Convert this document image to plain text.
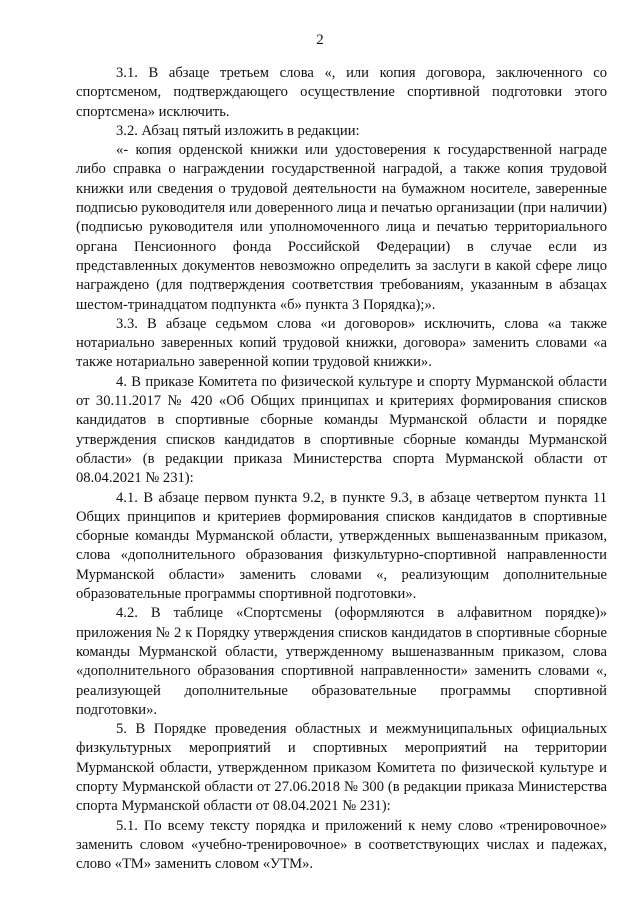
2

3.1. В абзаце третьем слова «, или копия договора, заключенного со спортсменом, подтверждающего осуществление спортивной подготовки этого спортсмена» исключить.

3.2. Абзац пятый изложить в редакции:

«- копия орденской книжки или удостоверения к государственной награде либо справка о награждении государственной наградой, а также копия трудовой книжки или сведения о трудовой деятельности на бумажном носителе, заверенные подписью руководителя или доверенного лица и печатью организации (при наличии) (подписью руководителя или уполномоченного лица и печатью территориального органа Пенсионного фонда Российской Федерации) в случае если из представленных документов невозможно определить за заслуги в какой сфере лицо награждено (для подтверждения соответствия требованиям, указанным в абзацах шестом-тринадцатом подпункта «б» пункта 3 Порядка);».

3.3. В абзаце седьмом слова «и договоров» исключить, слова «а также нотариально заверенных копий трудовой книжки, договора» заменить словами «а также нотариально заверенной копии трудовой книжки».

4. В приказе Комитета по физической культуре и спорту Мурманской области от 30.11.2017 № 420 «Об Общих принципах и критериях формирования списков кандидатов в спортивные сборные команды Мурманской области и порядке утверждения списков кандидатов в спортивные сборные команды Мурманской области» (в редакции приказа Министерства спорта Мурманской области от 08.04.2021 № 231):

4.1. В абзаце первом пункта 9.2, в пункте 9.3, в абзаце четвертом пункта 11 Общих принципов и критериев формирования списков кандидатов в спортивные сборные команды Мурманской области, утвержденных вышеназванным приказом, слова «дополнительного образования физкультурно-спортивной направленности Мурманской области» заменить словами «, реализующим дополнительные образовательные программы спортивной подготовки».

4.2. В таблице «Спортсмены (оформляются в алфавитном порядке)» приложения № 2 к Порядку утверждения списков кандидатов в спортивные сборные команды Мурманской области, утвержденному вышеназванным приказом, слова «дополнительного образования спортивной направленности» заменить словами «, реализующей дополнительные образовательные программы спортивной подготовки».

5. В Порядке проведения областных и межмуниципальных официальных физкультурных мероприятий и спортивных мероприятий на территории Мурманской области, утвержденном приказом Комитета по физической культуре и спорту Мурманской области от 27.06.2018 № 300 (в редакции приказа Министерства спорта Мурманской области от 08.04.2021 № 231):

5.1. По всему тексту порядка и приложений к нему слово «тренировочное» заменить словом «учебно-тренировочное» в соответствующих числах и падежах, слово «ТМ» заменить словом «УТМ».
